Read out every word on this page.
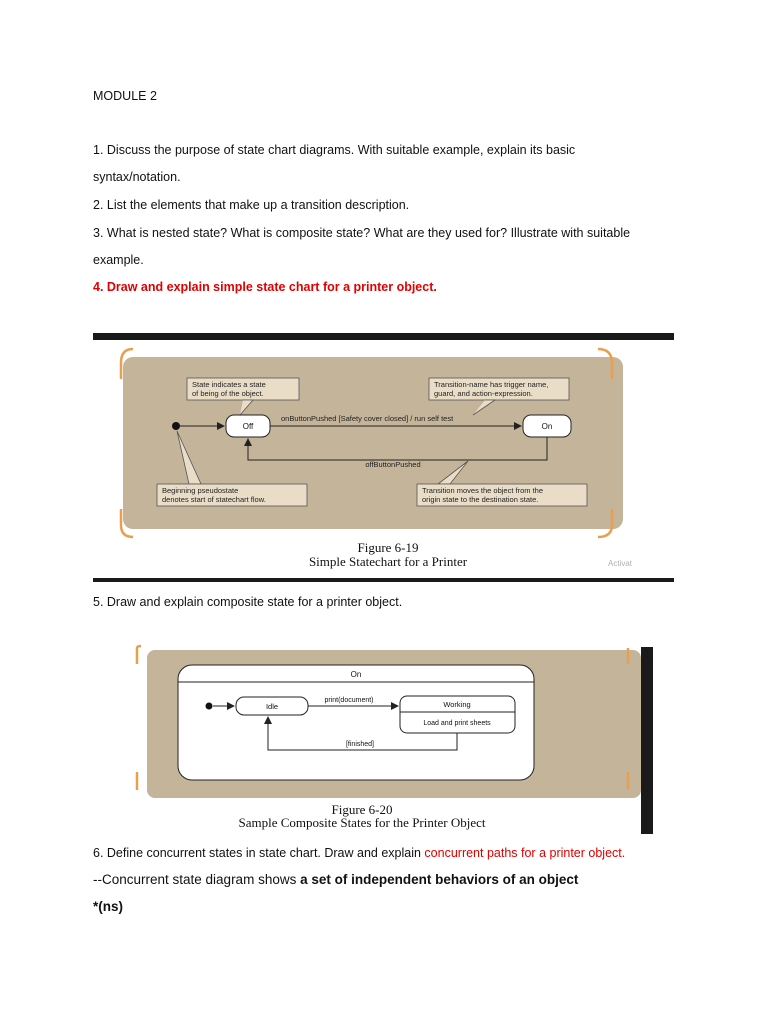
MODULE 2
1. Discuss the purpose of state chart diagrams. With suitable example, explain its basic
syntax/notation.
2. List the elements that make up a transition description.
3. What is nested state? What is composite state? What are they used for? Illustrate with suitable
example.
4. Draw and explain simple state chart for a printer object.
State indicates a state
of being of the object.
Transition-name has trigger name,
guard, and action-expression.
Off	On
onButtonPushed [Safety cover closed] / run self test
offButtonPushed
Beginning pseudostate
denotes start of statechart flow.
Transition moves the object from the
origin state to the destination state.
Figure 6-19
Simple Statechart for a Printer	Activat
5. Draw and explain composite state for a printer object.
On
Idle	Working
Load and print sheets
print(document)
[finished]
Figure 6-20
Sample Composite States for the Printer Object
6. Define concurrent states in state chart. Draw and explain concurrent paths for a printer object.
--Concurrent state diagram shows a set of independent behaviors of an object
*(ns)
